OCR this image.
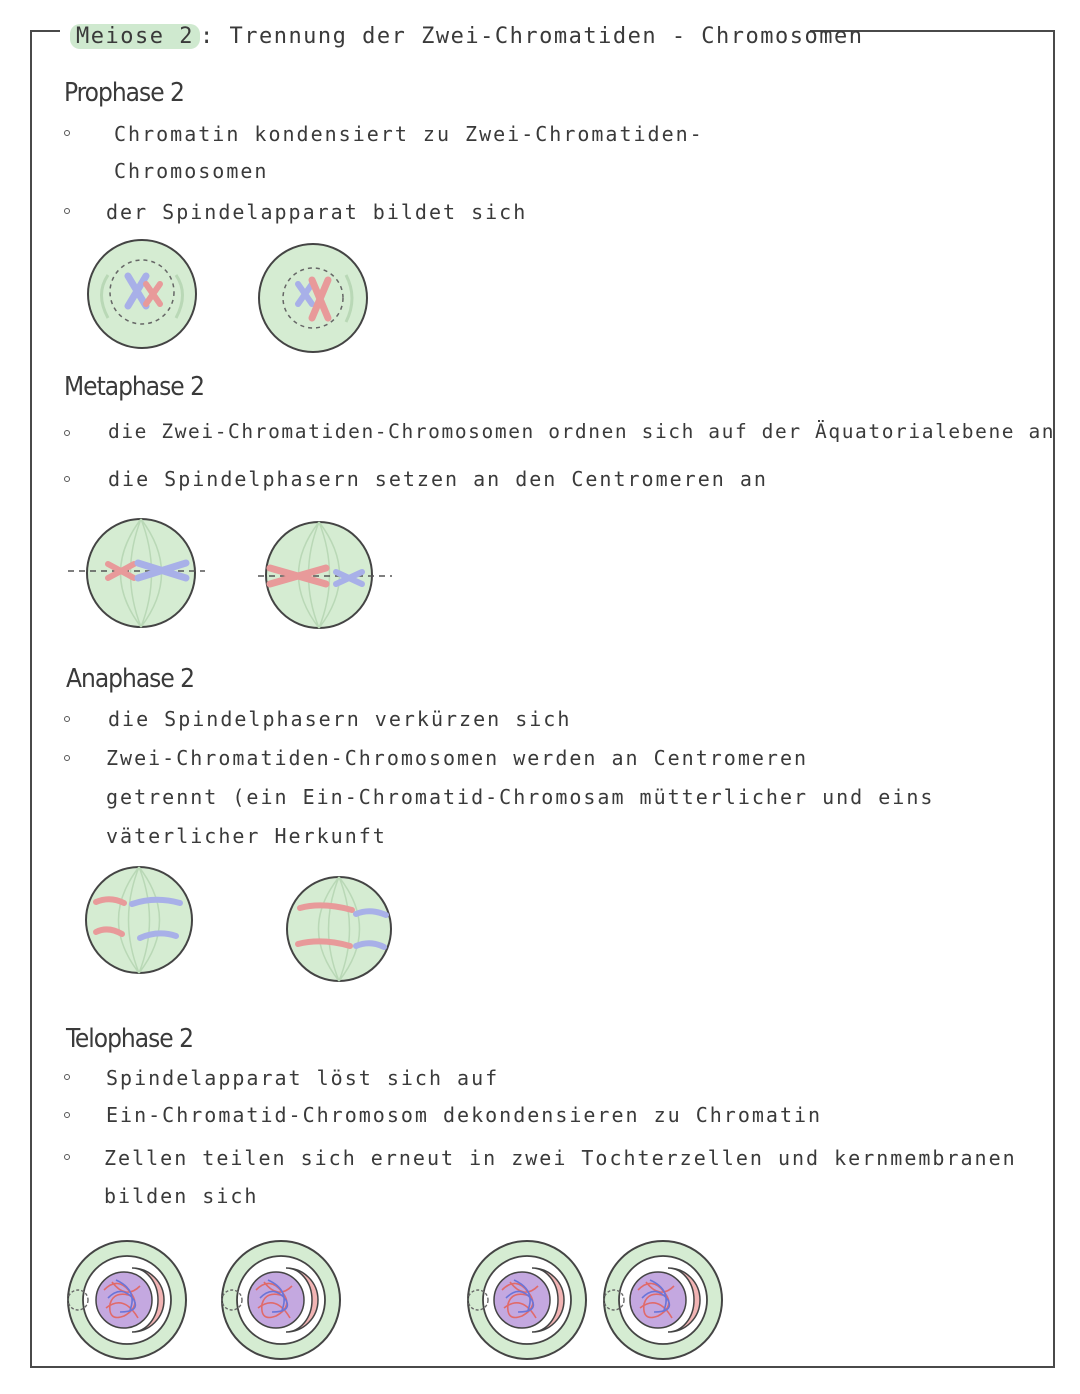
Meiose 2 : Trennung der Zwei-Chromatiden - Chromosomen
Prophase 2
Chromatin kondensiert zu Zwei-Chromatiden-
Chromosomen
der Spindelapparat bildet sich
Metaphase 2
die Zwei-Chromatiden-Chromosomen ordnen sich auf der Äquatorialebene an
die Spindelphasern setzen an den Centromeren an
Anaphase 2
die Spindelphasern verkürzen sich
Zwei-Chromatiden-Chromosomen werden an Centromeren
getrennt (ein Ein-Chromatid-Chromosam mütterlicher und eins
väterlicher Herkunft
Telophase 2
Spindelapparat löst sich auf
Ein-Chromatid-Chromosom dekondensieren zu Chromatin
Zellen teilen sich erneut in zwei Tochterzellen und kernmembranen
bilden sich
